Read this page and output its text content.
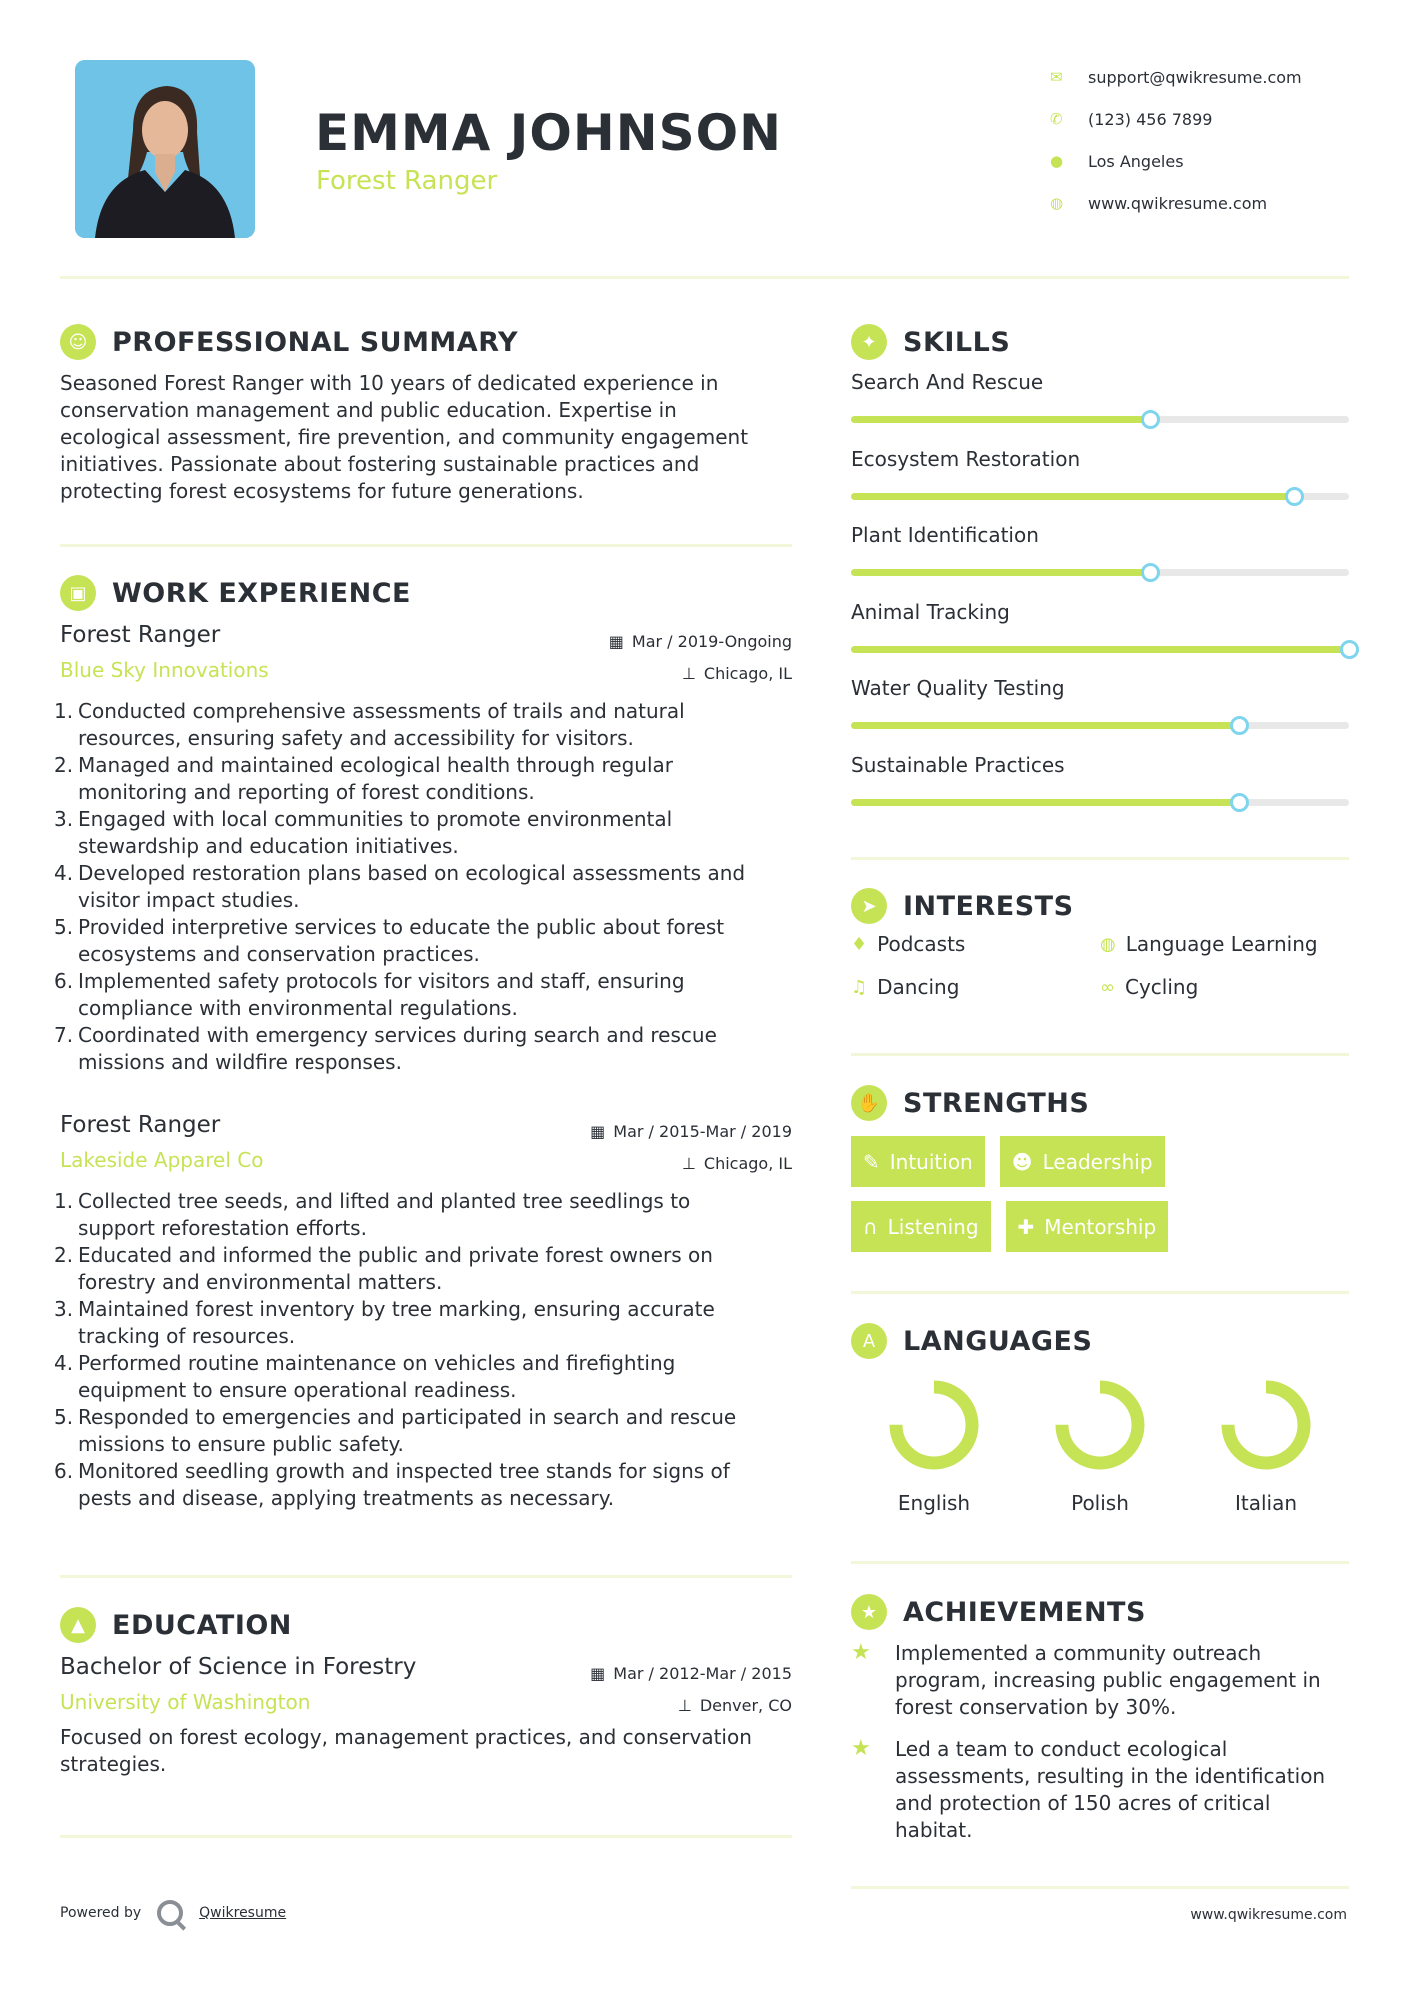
EMMA JOHNSON
Forest Ranger
✉	support@qwikresume.com
✆	(123) 456 7899
●	Los Angeles
◍	www.qwikresume.com
☺ PROFESSIONAL SUMMARY
Seasoned Forest Ranger with 10 years of dedicated experience in
conservation management and public education. Expertise in
ecological assessment, fire prevention, and community engagement
initiatives. Passionate about fostering sustainable practices and
protecting forest ecosystems for future generations.
▣ WORK EXPERIENCE
Forest Ranger
Blue Sky Innovations
▦ Mar / 2019-Ongoing
⊥ Chicago, IL
1. Conducted comprehensive assessments of trails and natural
resources, ensuring safety and accessibility for visitors.
2. Managed and maintained ecological health through regular
monitoring and reporting of forest conditions.
3. Engaged with local communities to promote environmental
stewardship and education initiatives.
4. Developed restoration plans based on ecological assessments and
visitor impact studies.
5. Provided interpretive services to educate the public about forest
ecosystems and conservation practices.
6. Implemented safety protocols for visitors and staff, ensuring
compliance with environmental regulations.
7. Coordinated with emergency services during search and rescue
missions and wildfire responses.
Forest Ranger
Lakeside Apparel Co
▦ Mar / 2015-Mar / 2019
⊥ Chicago, IL
1. Collected tree seeds, and lifted and planted tree seedlings to
support reforestation efforts.
2. Educated and informed the public and private forest owners on
forestry and environmental matters.
3. Maintained forest inventory by tree marking, ensuring accurate
tracking of resources.
4. Performed routine maintenance on vehicles and firefighting
equipment to ensure operational readiness.
5. Responded to emergencies and participated in search and rescue
missions to ensure public safety.
6. Monitored seedling growth and inspected tree stands for signs of
pests and disease, applying treatments as necessary.
▲	EDUCATION
Bachelor of Science in Forestry
University of Washington
▦ Mar / 2012-Mar / 2015
⊥ Denver, CO
Focused on forest ecology, management practices, and conservation
strategies.
✦ SKILLS
Search And Rescue
Ecosystem Restoration
Plant Identification
Animal Tracking
Water Quality Testing
Sustainable Practices
➤ INTERESTS
♦ Podcasts	◍ Language Learning
♫ Dancing	∞ Cycling
✋ STRENGTHS
✎ Intuition ☻ Leadership
∩ Listening ✚ Mentorship
A	LANGUAGES
English	Polish	Italian
★ ACHIEVEMENTS
★	Implemented a community outreach
program, increasing public engagement in
forest conservation by 30%.
★	Led a team to conduct ecological
assessments, resulting in the identification
and protection of 150 acres of critical
habitat.
Powered by	Qwikresume	www.qwikresume.com
